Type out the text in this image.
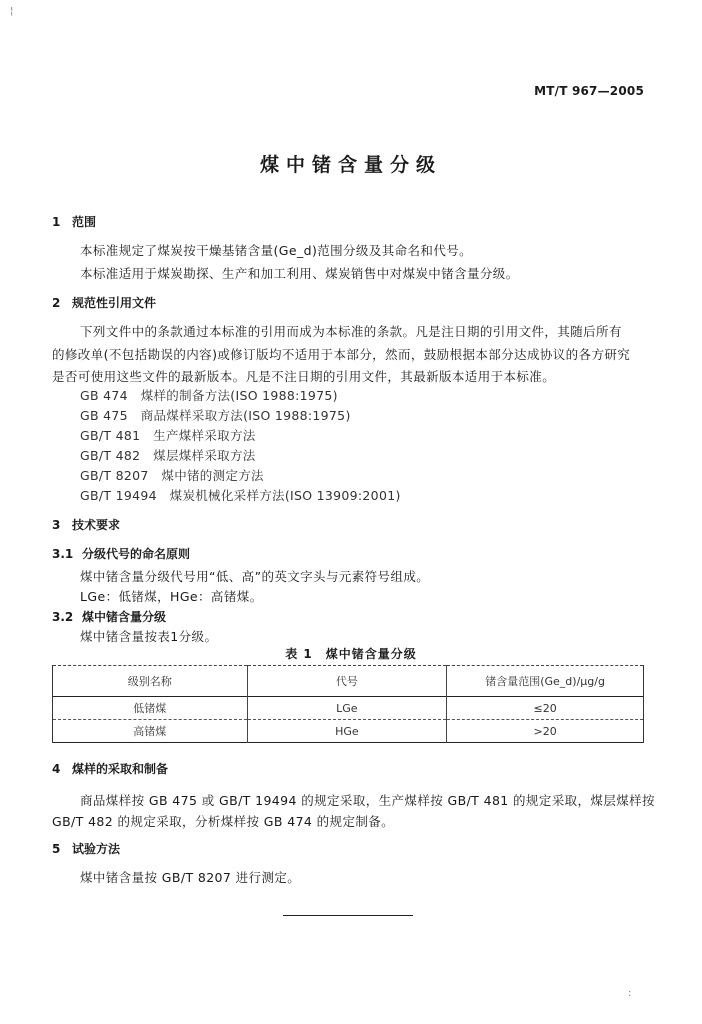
MT/T 967—2005
煤中锗含量分级
1 范围
本标准规定了煤炭按干燥基锗含量(Ge_d)范围分级及其命名和代号。
本标准适用于煤炭勘探、生产和加工利用、煤炭销售中对煤炭中锗含量分级。
2 规范性引用文件
下列文件中的条款通过本标准的引用而成为本标准的条款。凡是注日期的引用文件，其随后所有
的修改单(不包括勘误的内容)或修订版均不适用于本部分，然而，鼓励根据本部分达成协议的各方研究
是否可使用这些文件的最新版本。凡是不注日期的引用文件，其最新版本适用于本标准。
GB 474　煤样的制备方法(ISO 1988:1975)
GB 475　商品煤样采取方法(ISO 1988:1975)
GB/T 481　生产煤样采取方法
GB/T 482　煤层煤样采取方法
GB/T 8207　煤中锗的测定方法
GB/T 19494　煤炭机械化采样方法(ISO 13909:2001)
3 技术要求
3.1 分级代号的命名原则
煤中锗含量分级代号用“低、高”的英文字头与元素符号组成。
LGe：低锗煤，HGe：高锗煤。
3.2 煤中锗含量分级
煤中锗含量按表1分级。
表 1　煤中锗含量分级
级别名称	代号	锗含量范围(Ge_d)/μg/g
低锗煤	LGe	≤20
高锗煤	HGe	>20
4 煤样的采取和制备
商品煤样按 GB 475 或 GB/T 19494 的规定采取，生产煤样按 GB/T 481 的规定采取，煤层煤样按
GB/T 482 的规定采取，分析煤样按 GB 474 的规定制备。
5 试验方法
煤中锗含量按 GB/T 8207 进行测定。
¦
:
